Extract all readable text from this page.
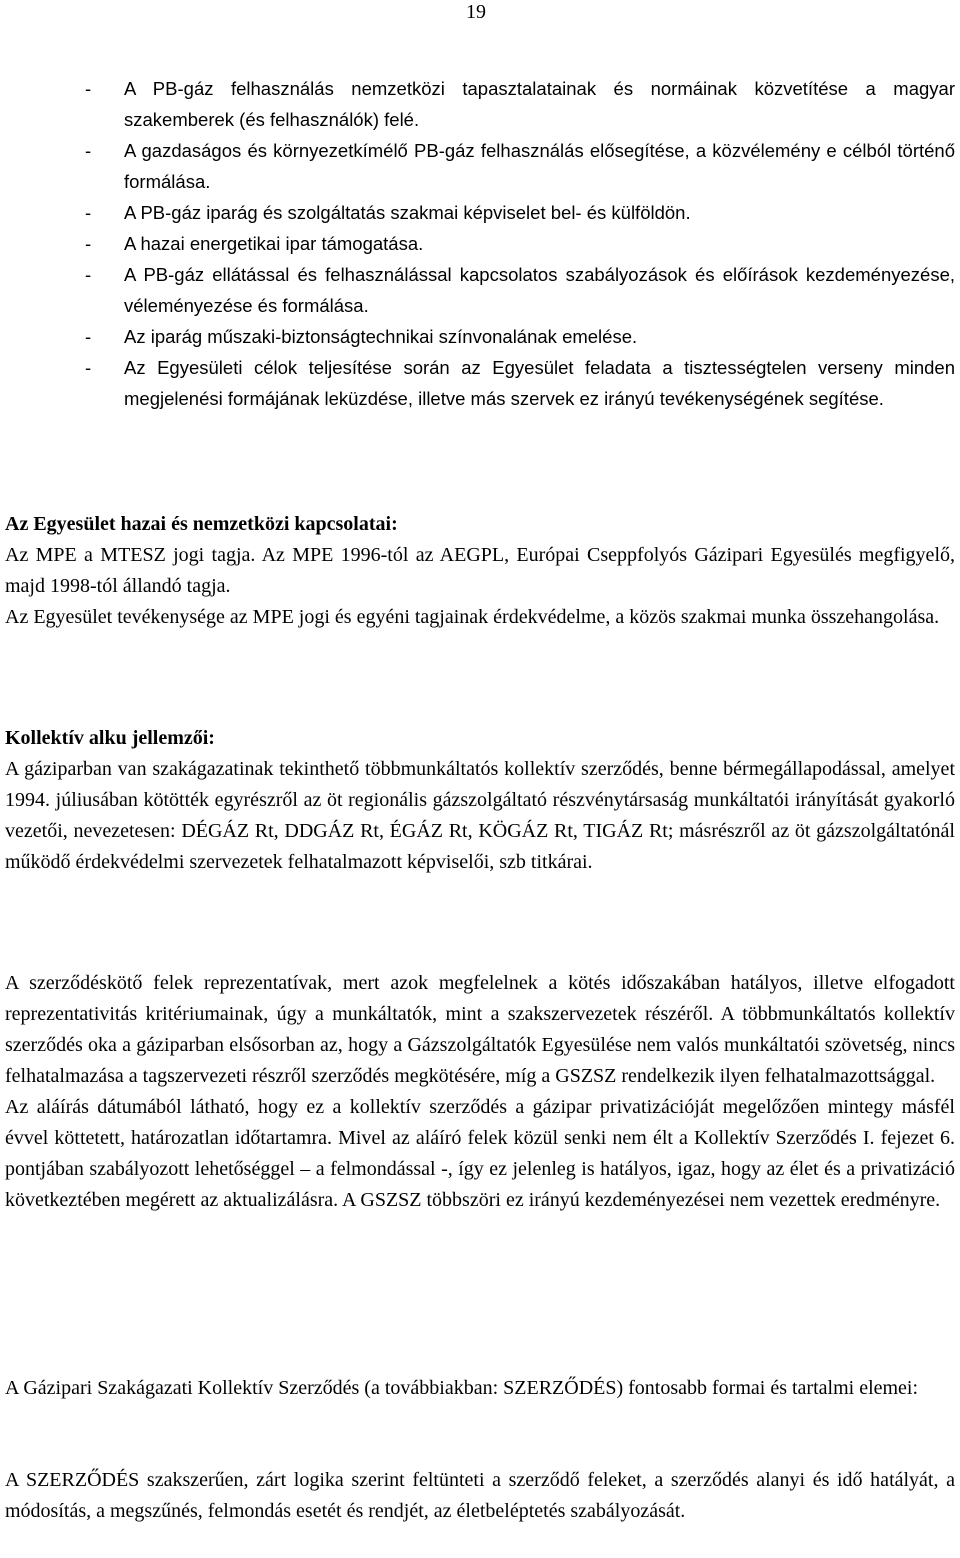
19
- A PB-gáz felhasználás nemzetközi tapasztalatainak és normáinak közvetítése a magyar szakemberek (és felhasználók) felé.
- A gazdaságos és környezetkímélő PB-gáz felhasználás elősegítése, a közvélemény e célból történő formálása.
- A PB-gáz iparág és szolgáltatás szakmai képviselet bel- és külföldön.
- A hazai energetikai ipar támogatása.
- A PB-gáz ellátással és felhasználással kapcsolatos szabályozások és előírások kezdeményezése, véleményezése és formálása.
- Az iparág műszaki-biztonságtechnikai színvonalának emelése.
- Az Egyesületi célok teljesítése során az Egyesület feladata a tisztességtelen verseny minden megjelenési formájának leküzdése, illetve más szervek ez irányú tevékenységének segítése.

Az Egyesület hazai és nemzetközi kapcsolatai:

Az MPE a MTESZ jogi tagja. Az MPE 1996-tól az AEGPL, Európai Cseppfolyós Gázipari Egyesülés megfigyelő, majd 1998-tól állandó tagja.

Az Egyesület tevékenysége az MPE jogi és egyéni tagjainak érdekvédelme, a közös szakmai munka összehangolása.

Kollektív alku jellemzői:

A gáziparban van szakágazatinak tekinthető többmunkáltatós kollektív szerződés, benne bérmegállapodással, amelyet 1994. júliusában kötötték egyrészről az öt regionális gázszolgáltató részvénytársaság munkáltatói irányítását gyakorló vezetői, nevezetesen: DÉGÁZ Rt, DDGÁZ Rt, ÉGÁZ Rt, KÖGÁZ Rt, TIGÁZ Rt; másrészről az öt gázszolgáltatónál működő érdekvédelmi szervezetek felhatalmazott képviselői, szb titkárai.

A szerződéskötő felek reprezentatívak, mert azok megfelelnek a kötés időszakában hatályos, illetve elfogadott reprezentativitás kritériumainak, úgy a munkáltatók, mint a szakszervezetek részéről. A többmunkáltatós kollektív szerződés oka a gáziparban elsősorban az, hogy a Gázszolgáltatók Egyesülése nem valós munkáltatói szövetség, nincs felhatalmazása a tagszervezeti részről szerződés megkötésére, míg a GSZSZ rendelkezik ilyen felhatalmazottsággal.

Az aláírás dátumából látható, hogy ez a kollektív szerződés a gázipar privatizációját megelőzően mintegy másfél évvel köttetett, határozatlan időtartamra. Mivel az aláíró felek közül senki nem élt a Kollektív Szerződés I. fejezet 6. pontjában szabályozott lehetőséggel – a felmondással -, így ez jelenleg is hatályos, igaz, hogy az élet és a privatizáció következtében megérett az aktualizálásra. A GSZSZ többszöri ez irányú kezdeményezései nem vezettek eredményre.

A Gázipari Szakágazati Kollektív Szerződés (a továbbiakban: SZERZŐDÉS) fontosabb formai és tartalmi elemei:

A SZERZŐDÉS szakszerűen, zárt logika szerint feltünteti a szerződő feleket, a szerződés alanyi és idő hatályát, a módosítás, a megszűnés, felmondás esetét és rendjét, az életbeléptetés szabályozását.
